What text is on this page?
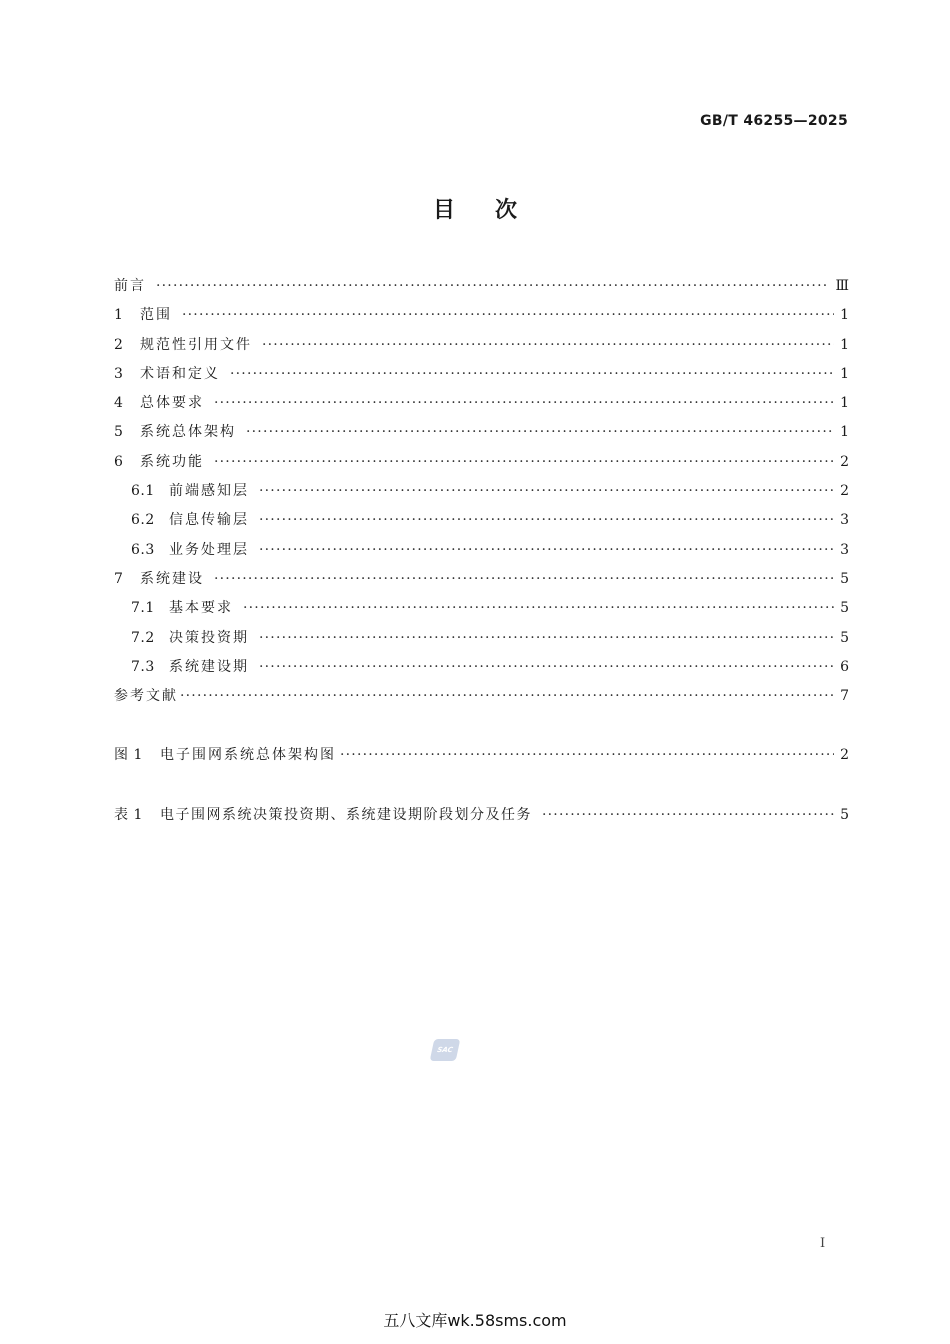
GB/T 46255—2025
目次
前言 ·····	Ⅲ
1	范围 ·····	1
2	规范性引用文件 ·····	1
3	术语和定义 ·····	1
4	总体要求 ·····	1
5	系统总体架构 ·····	1
6	系统功能 ·····	2
6.1	前端感知层 ·····	2
6.2	信息传输层 ·····	3
6.3	业务处理层 ·····	3
7	系统建设 ·····	5
7.1	基本要求 ·····	5
7.2	决策投资期 ·····	5
7.3	系统建设期 ·····	6
参考文献 ·····	7
图 1	电子围网系统总体架构图 ·····	2
表 1	电子围网系统决策投资期、系统建设期阶段划分及任务 ·····	5
SAC
I
五八文库wk.58sms.com
